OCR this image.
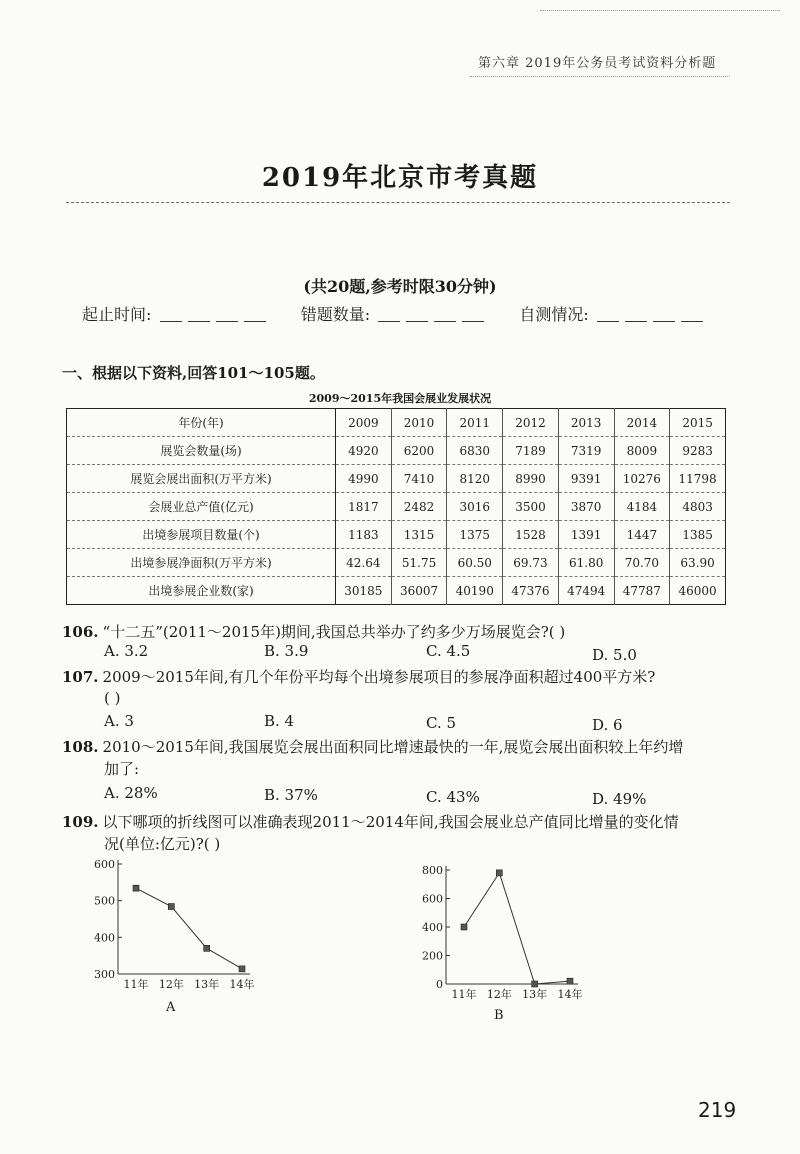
第六章 2019年公务员考试资料分析题
2019年北京市考真题
(共20题,参考时限30分钟)
起止时间:	错题数量:	自测情况:
一、根据以下资料,回答101～105题。
2009～2015年我国会展业发展状况
年份(年)	2009	2010	2011	2012	2013	2014	2015
展览会数量(场)	4920	6200	6830	7189	7319	8009	9283
展览会展出面积(万平方米)	4990	7410	8120	8990	9391	10276	11798
会展业总产值(亿元)	1817	2482	3016	3500	3870	4184	4803
出境参展项目数量(个)	1183	1315	1375	1528	1391	1447	1385
出境参展净面积(万平方米)	42.64	51.75	60.50	69.73	61.80	70.70	63.90
出境参展企业数(家)	30185	36007	40190	47376	47494	47787	46000
106. “十二五”(2011～2015年)期间,我国总共举办了约多少万场展览会?( )
A. 3.2	B. 3.9	C. 4.5	D. 5.0
107. 2009～2015年间,有几个年份平均每个出境参展项目的参展净面积超过400平方米?
( )
A. 3	B. 4	C. 5	D. 6
108. 2010～2015年间,我国展览会展出面积同比增速最快的一年,展览会展出面积较上年约增
加了:
A. 28%	B. 37%	C. 43%	D. 49%
109. 以下哪项的折线图可以准确表现2011～2014年间,我国会展业总产值同比增量的变化情
况(单位:亿元)?( )
600
500
400
300
11年 12年 13年 14年
A
800
600
400
200
0
11年 12年 13年 14年
B
219
